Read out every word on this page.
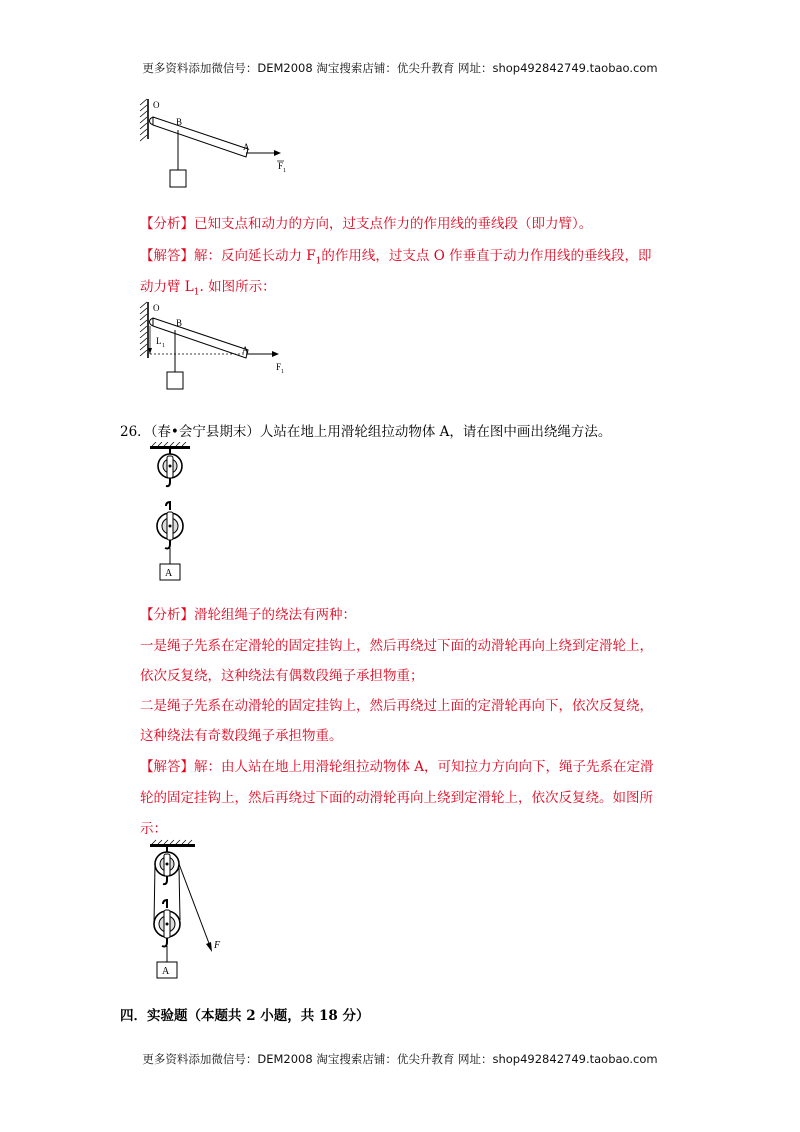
更多资料添加微信号：DEM2008 淘宝搜索店铺：优尖升教育 网址：shop492842749.taobao.com
O
B
A
F 1
【分析】已知支点和动力的方向，过支点作力的作用线的垂线段（即力臂）。
【解答】解：反向延长动力 $F_1$的作用线，过支点 O 作垂直于动力作用线的垂线段，即
动力臂 $L_1$. 如图所示：
O
B
A
L 1
F 1
26．（春•会宁县期末）人站在地上用滑轮组拉动物体 A，请在图中画出绕绳方法。
A
【分析】滑轮组绳子的绕法有两种：
一是绳子先系在定滑轮的固定挂钩上，然后再绕过下面的动滑轮再向上绕到定滑轮上，
依次反复绕，这种绕法有偶数段绳子承担物重；
二是绳子先系在动滑轮的固定挂钩上，然后再绕过上面的定滑轮再向下，依次反复绕，
这种绕法有奇数段绳子承担物重。
【解答】解：由人站在地上用滑轮组拉动物体 A，可知拉力方向向下，绳子先系在定滑
轮的固定挂钩上，然后再绕过下面的动滑轮再向上绕到定滑轮上，依次反复绕。如图所
示：
F
A
四．实验题（本题共 2 小题，共 18 分）
更多资料添加微信号：DEM2008 淘宝搜索店铺：优尖升教育 网址：shop492842749.taobao.com
